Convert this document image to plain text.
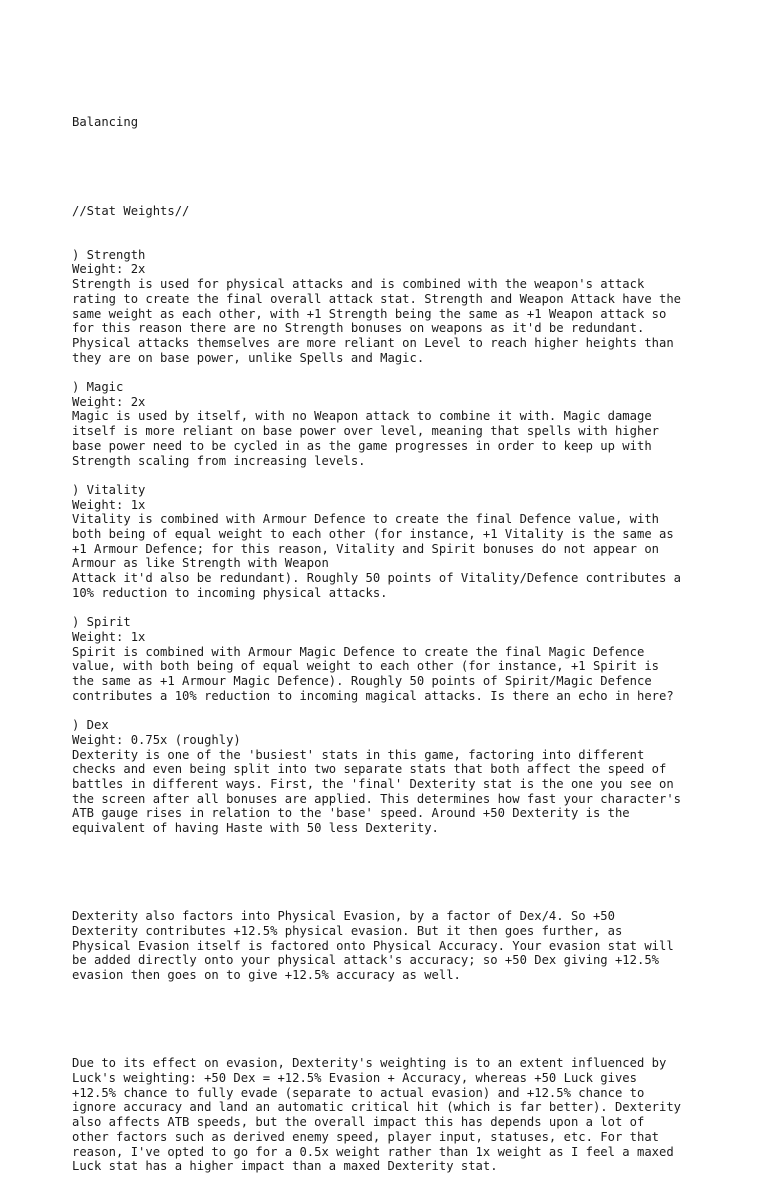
Balancing

//Stat Weights//

) Strength
Weight: 2x
Strength is used for physical attacks and is combined with the weapon's attack
rating to create the final overall attack stat. Strength and Weapon Attack have the
same weight as each other, with +1 Strength being the same as +1 Weapon attack so
for this reason there are no Strength bonuses on weapons as it'd be redundant.
Physical attacks themselves are more reliant on Level to reach higher heights than
they are on base power, unlike Spells and Magic.
) Magic
Weight: 2x
Magic is used by itself, with no Weapon attack to combine it with. Magic damage
itself is more reliant on base power over level, meaning that spells with higher
base power need to be cycled in as the game progresses in order to keep up with
Strength scaling from increasing levels.
) Vitality
Weight: 1x
Vitality is combined with Armour Defence to create the final Defence value, with
both being of equal weight to each other (for instance, +1 Vitality is the same as
+1 Armour Defence; for this reason, Vitality and Spirit bonuses do not appear on
Armour as like Strength with Weapon
Attack it'd also be redundant). Roughly 50 points of Vitality/Defence contributes a
10% reduction to incoming physical attacks.
) Spirit
Weight: 1x
Spirit is combined with Armour Magic Defence to create the final Magic Defence
value, with both being of equal weight to each other (for instance, +1 Spirit is
the same as +1 Armour Magic Defence). Roughly 50 points of Spirit/Magic Defence
contributes a 10% reduction to incoming magical attacks. Is there an echo in here?
) Dex
Weight: 0.75x (roughly)
Dexterity is one of the 'busiest' stats in this game, factoring into different
checks and even being split into two separate stats that both affect the speed of
battles in different ways. First, the 'final' Dexterity stat is the one you see on
the screen after all bonuses are applied. This determines how fast your character's
ATB gauge rises in relation to the 'base' speed. Around +50 Dexterity is the
equivalent of having Haste with 50 less Dexterity.

Dexterity also factors into Physical Evasion, by a factor of Dex/4. So +50
Dexterity contributes +12.5% physical evasion. But it then goes further, as
Physical Evasion itself is factored onto Physical Accuracy. Your evasion stat will
be added directly onto your physical attack's accuracy; so +50 Dex giving +12.5%
evasion then goes on to give +12.5% accuracy as well.

Due to its effect on evasion, Dexterity's weighting is to an extent influenced by
Luck's weighting: +50 Dex = +12.5% Evasion + Accuracy, whereas +50 Luck gives
+12.5% chance to fully evade (separate to actual evasion) and +12.5% chance to
ignore accuracy and land an automatic critical hit (which is far better). Dexterity
also affects ATB speeds, but the overall impact this has depends upon a lot of
other factors such as derived enemy speed, player input, statuses, etc. For that
reason, I've opted to go for a 0.5x weight rather than 1x weight as I feel a maxed
Luck stat has a higher impact than a maxed Dexterity stat.
